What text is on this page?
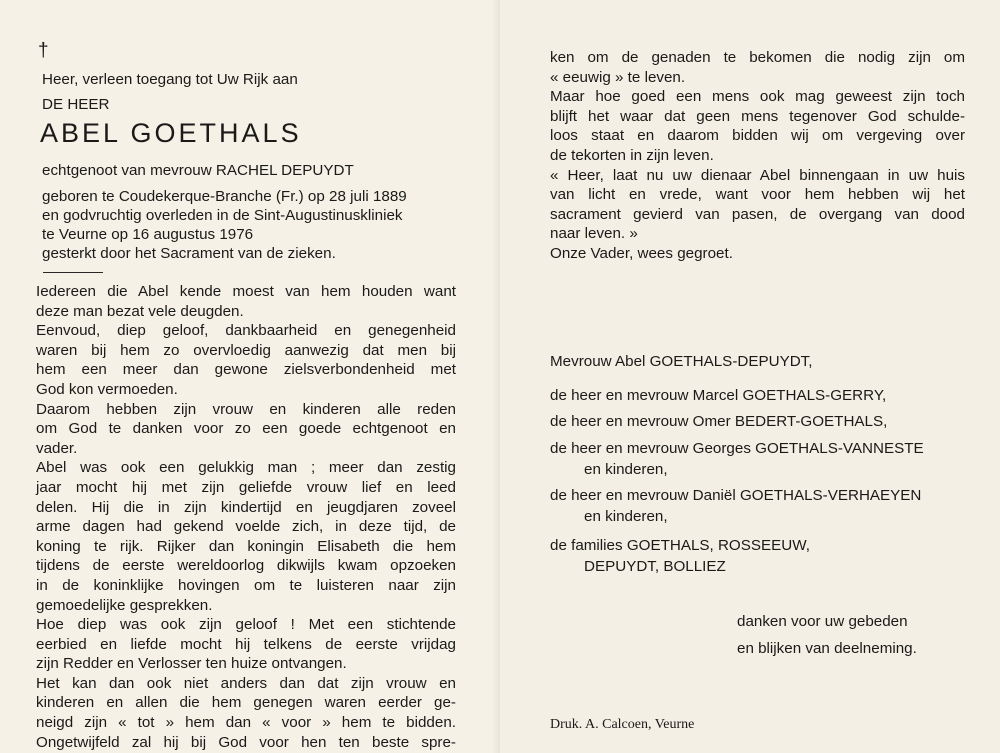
†
Heer, verleen toegang tot Uw Rijk aan
DE HEER
ABEL GOETHALS
echtgenoot van mevrouw RACHEL DEPUYDT
geboren te Coudekerque-Branche (Fr.) op 28 juli 1889
en godvruchtig overleden in de Sint-Augustinuskliniek
te Veurne op 16 augustus 1976
gesterkt door het Sacrament van de zieken.
Iedereen die Abel kende moest van hem houden want
deze man bezat vele deugden.
Eenvoud, diep geloof, dankbaarheid en genegenheid
waren bij hem zo overvloedig aanwezig dat men bij
hem een meer dan gewone zielsverbondenheid met
God kon vermoeden.
Daarom hebben zijn vrouw en kinderen alle reden
om God te danken voor zo een goede echtgenoot en
vader.
Abel was ook een gelukkig man ; meer dan zestig
jaar mocht hij met zijn geliefde vrouw lief en leed
delen. Hij die in zijn kindertijd en jeugdjaren zoveel
arme dagen had gekend voelde zich, in deze tijd, de
koning te rijk. Rijker dan koningin Elisabeth die hem
tijdens de eerste wereldoorlog dikwijls kwam opzoeken
in de koninklijke hovingen om te luisteren naar zijn
gemoedelijke gesprekken.
Hoe diep was ook zijn geloof ! Met een stichtende
eerbied en liefde mocht hij telkens de eerste vrijdag
zijn Redder en Verlosser ten huize ontvangen.
Het kan dan ook niet anders dan dat zijn vrouw en
kinderen en allen die hem genegen waren eerder ge-
neigd zijn « tot » hem dan « voor » hem te bidden.
Ongetwijfeld zal hij bij God voor hen ten beste spre-
ken om de genaden te bekomen die nodig zijn om
« eeuwig » te leven.
Maar hoe goed een mens ook mag geweest zijn toch
blijft het waar dat geen mens tegenover God schulde-
loos staat en daarom bidden wij om vergeving over
de tekorten in zijn leven.
« Heer, laat nu uw dienaar Abel binnengaan in uw huis
van licht en vrede, want voor hem hebben wij het
sacrament gevierd van pasen, de overgang van dood
naar leven. »
Onze Vader, wees gegroet.
Mevrouw Abel GOETHALS-DEPUYDT,
de heer en mevrouw Marcel GOETHALS-GERRY,
de heer en mevrouw Omer BEDERT-GOETHALS,
de heer en mevrouw Georges GOETHALS-VANNESTE
en kinderen,
de heer en mevrouw Daniël GOETHALS-VERHAEYEN
en kinderen,
de families GOETHALS, ROSSEEUW,
DEPUYDT, BOLLIEZ
danken voor uw gebeden
en blijken van deelneming.
Druk. A. Calcoen, Veurne
